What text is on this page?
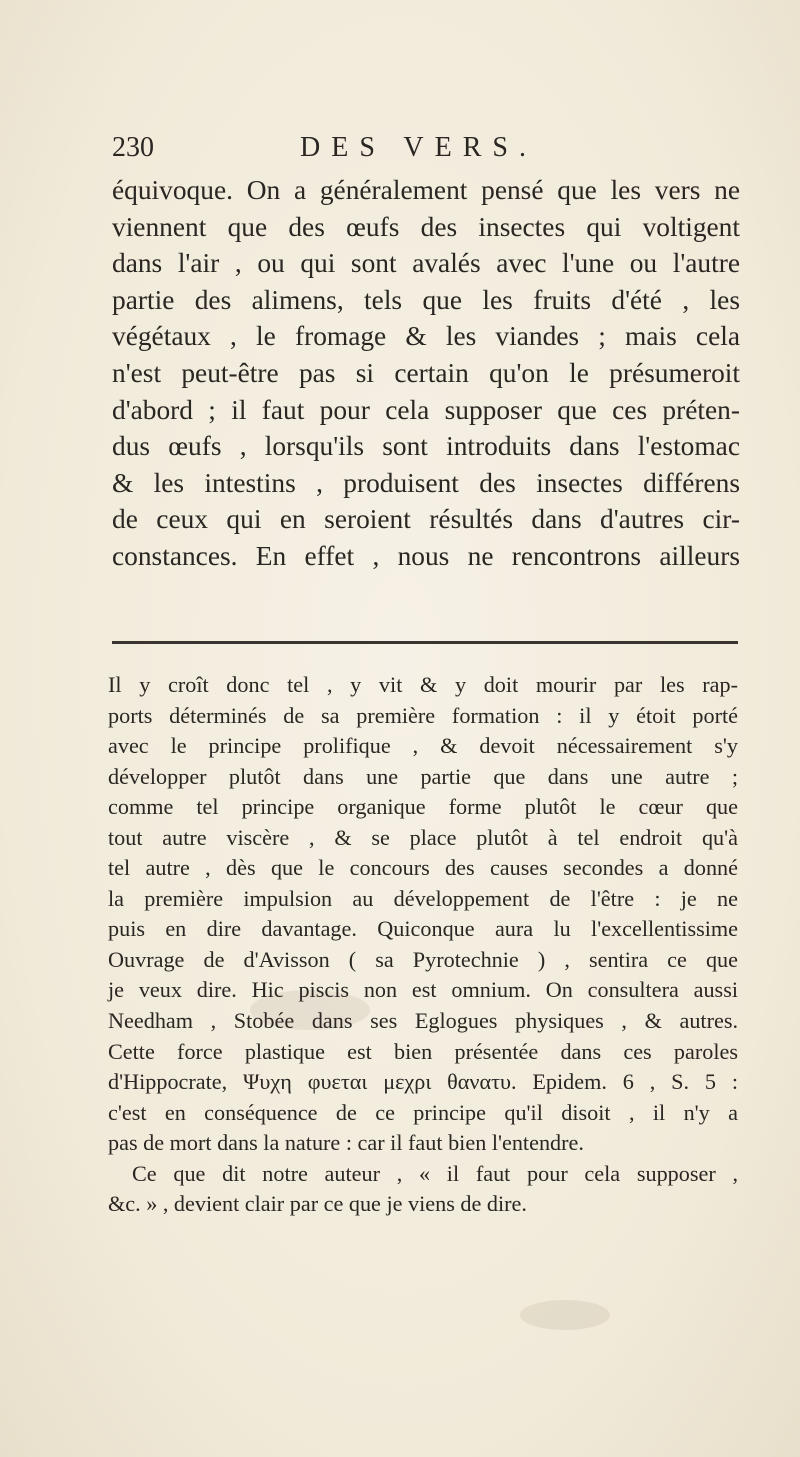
230	DES VERS.

équivoque. On a généralement pensé que les vers ne

viennent que des œufs des insectes qui voltigent

dans l'air , ou qui sont avalés avec l'une ou l'autre

partie des alimens, tels que les fruits d'été , les

végétaux , le fromage & les viandes ; mais cela

n'est peut-être pas si certain qu'on le présumeroit

d'abord ; il faut pour cela supposer que ces préten-

dus œufs , lorsqu'ils sont introduits dans l'estomac

& les intestins , produisent des insectes différens

de ceux qui en seroient résultés dans d'autres cir-

constances. En effet , nous ne rencontrons ailleurs

Il y croît donc tel , y vit & y doit mourir par les rap-

ports déterminés de sa première formation : il y étoit porté

avec le principe prolifique , & devoit nécessairement s'y

développer plutôt dans une partie que dans une autre ;

comme tel principe organique forme plutôt le cœur que

tout autre viscère , & se place plutôt à tel endroit qu'à

tel autre , dès que le concours des causes secondes a donné

la première impulsion au développement de l'être : je ne

puis en dire davantage. Quiconque aura lu l'excellentissime

Ouvrage de d'Avisson ( sa Pyrotechnie ) , sentira ce que

je veux dire. Hic piscis non est omnium. On consultera aussi

Needham , Stobée dans ses Eglogues physiques , & autres.

Cette force plastique est bien présentée dans ces paroles

d'Hippocrate, Ψυχη φυεται μεχρι θανατυ. Epidem. 6 , S. 5 :

c'est en conséquence de ce principe qu'il disoit , il n'y a

pas de mort dans la nature : car il faut bien l'entendre.

Ce que dit notre auteur , « il faut pour cela supposer ,

&c. » , devient clair par ce que je viens de dire.
